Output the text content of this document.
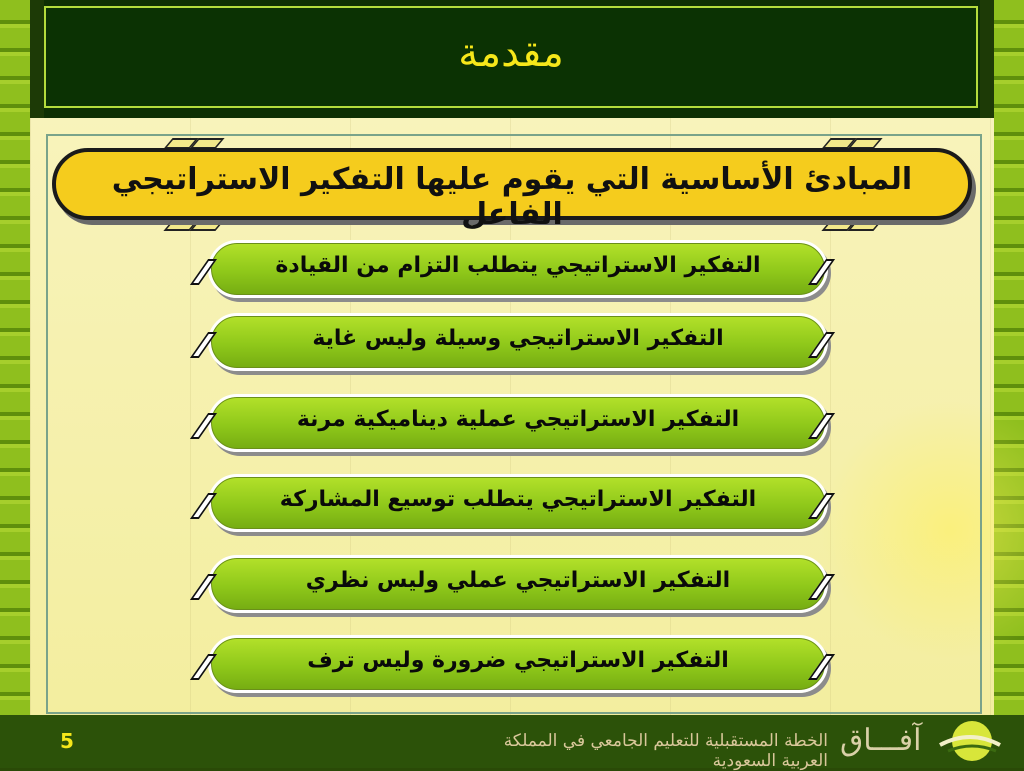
مقدمة
المبادئ الأساسية التي يقوم عليها التفكير الاستراتيجي الفاعل
التفكير الاستراتيجي يتطلب التزام من القيادة
التفكير الاستراتيجي وسيلة وليس غاية
التفكير الاستراتيجي عملية ديناميكية مرنة
التفكير الاستراتيجي يتطلب توسيع المشاركة
التفكير الاستراتيجي عملي وليس نظري
التفكير الاستراتيجي ضرورة وليس ترف
5	الخطة المستقبلية للتعليم الجامعي في المملكة العربية السعودية
آفـــاق
